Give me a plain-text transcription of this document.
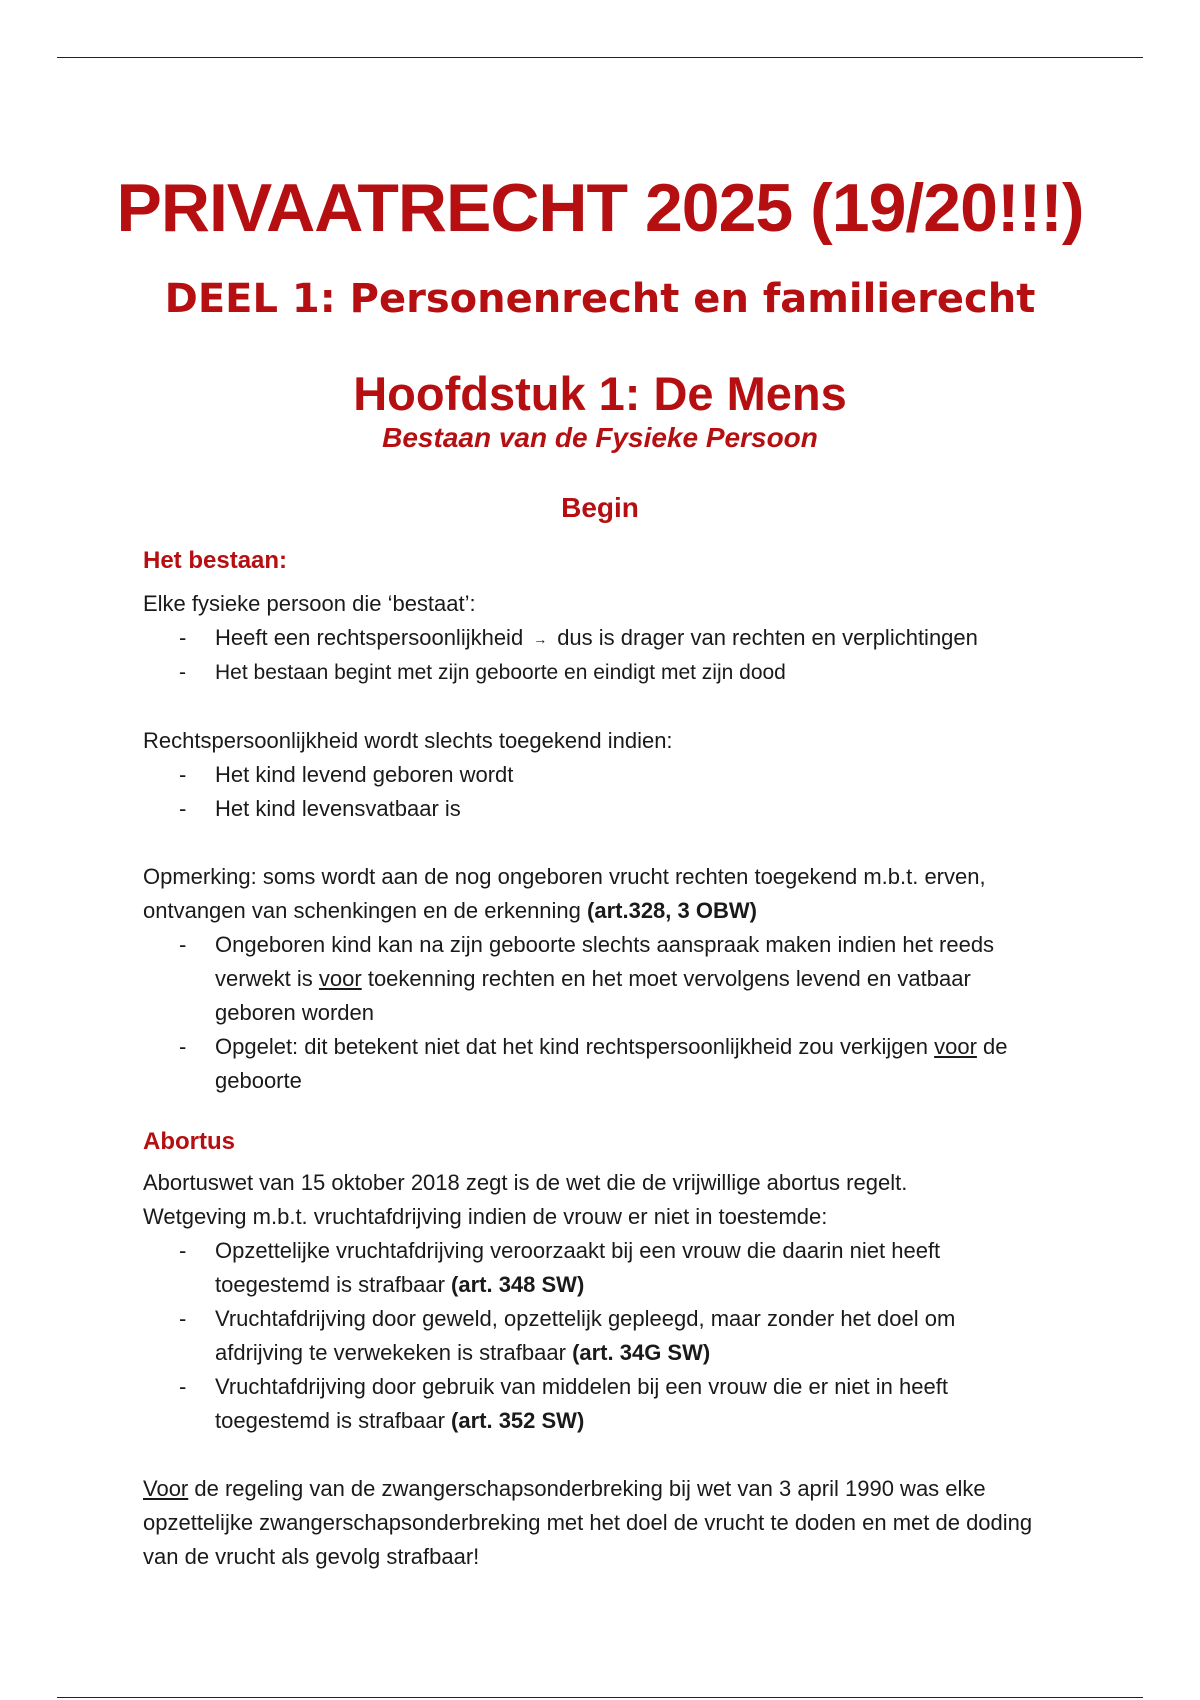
PRIVAATRECHT 2025 (19/20!!!)
DEEL 1: Personenrecht en familierecht
Hoofdstuk 1: De Mens
Bestaan van de Fysieke Persoon
Begin
Het bestaan:

Elke fysieke persoon die ‘bestaat’:

- Heeft een rechtspersoonlijkheid → dus is drager van rechten en verplichtingen
- Het bestaan begint met zijn geboorte en eindigt met zijn dood

Rechtspersoonlijkheid wordt slechts toegekend indien:

- Het kind levend geboren wordt
- Het kind levensvatbaar is

Opmerking: soms wordt aan de nog ongeboren vrucht rechten toegekend m.b.t. erven, ontvangen van schenkingen en de erkenning (art.328, 3 OBW)

- Ongeboren kind kan na zijn geboorte slechts aanspraak maken indien het reeds verwekt is voor toekenning rechten en het moet vervolgens levend en vatbaar geboren worden
- Opgelet: dit betekent niet dat het kind rechtspersoonlijkheid zou verkijgen voor de geboorte
Abortus

Abortuswet van 15 oktober 2018 zegt is de wet die de vrijwillige abortus regelt.

Wetgeving m.b.t. vruchtafdrijving indien de vrouw er niet in toestemde:

- Opzettelijke vruchtafdrijving veroorzaakt bij een vrouw die daarin niet heeft toegestemd is strafbaar (art. 348 SW)
- Vruchtafdrijving door geweld, opzettelijk gepleegd, maar zonder het doel om afdrijving te verwekeken is strafbaar (art. 34G SW)
- Vruchtafdrijving door gebruik van middelen bij een vrouw die er niet in heeft toegestemd is strafbaar (art. 352 SW)

Voor de regeling van de zwangerschapsonderbreking bij wet van 3 april 1990 was elke opzettelijke zwangerschapsonderbreking met het doel de vrucht te doden en met de doding van de vrucht als gevolg strafbaar!
